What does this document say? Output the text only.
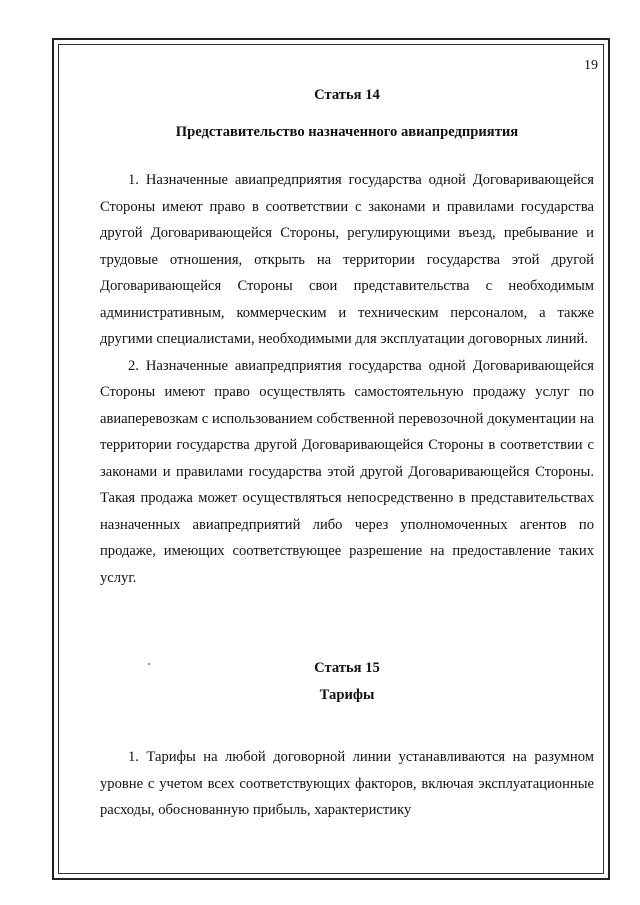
19

Статья 14

Представительство назначенного авиапредприятия

1. Назначенные авиапредприятия государства одной Договаривающейся Стороны имеют право в соответствии с законами и правилами государства другой Договаривающейся Стороны, регулирующими въезд, пребывание и трудовые отношения, открыть на территории государства этой другой Договаривающейся Стороны свои представительства с необходимым административным, коммерческим и техническим персоналом, а также другими специалистами, необходимыми для эксплуатации договорных линий.

2. Назначенные авиапредприятия государства одной Договаривающейся Стороны имеют право осуществлять самостоятельную продажу услуг по авиаперевозкам с использованием собственной перевозочной документации на территории государства другой Договаривающейся Стороны в соответствии с законами и правилами государства этой другой Договаривающейся Стороны. Такая продажа может осуществляться непосредственно в представительствах назначенных авиапредприятий либо через уполномоченных агентов по продаже, имеющих соответствующее разрешение на предоставление таких услуг.

Статья 15

Тарифы

1. Тарифы на любой договорной линии устанавливаются на разумном уровне с учетом всех соответствующих факторов, включая эксплуатационные расходы, обоснованную прибыль, характеристику
